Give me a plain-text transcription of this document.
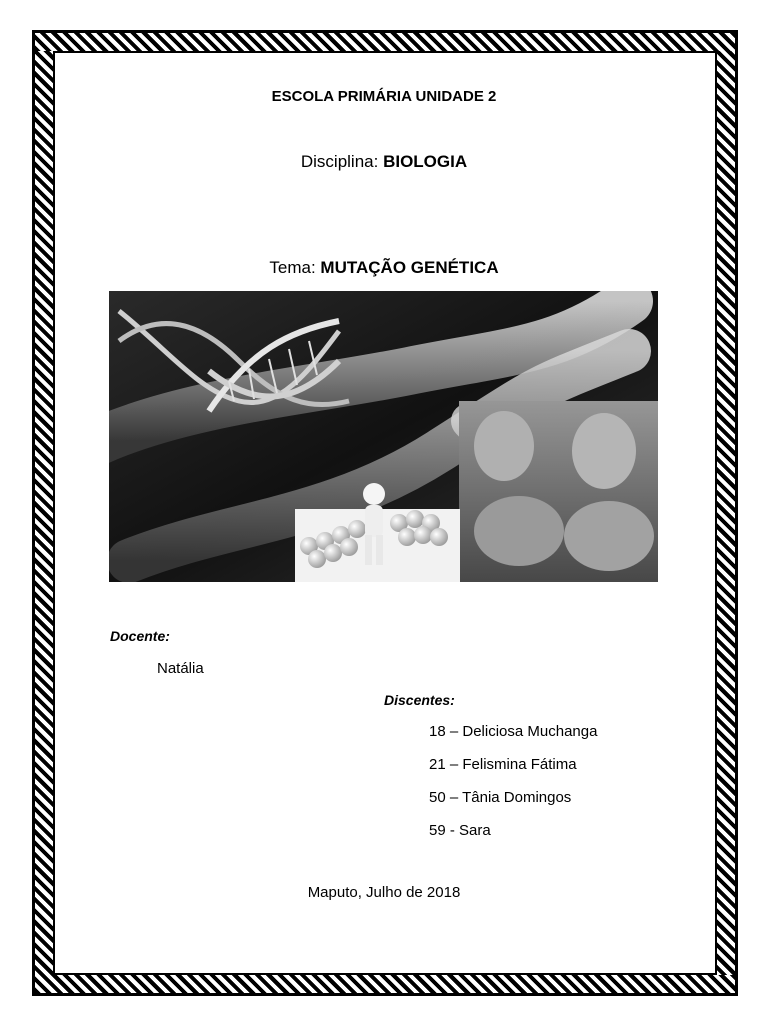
ESCOLA PRIMÁRIA UNIDADE 2
Disciplina: BIOLOGIA
Tema: MUTAÇÃO GENÉTICA
Docente:
Natália
Discentes:
18 – Deliciosa Muchanga
21 – Felismina Fátima
50 – Tânia Domingos
59 - Sara
Maputo, Julho de 2018
